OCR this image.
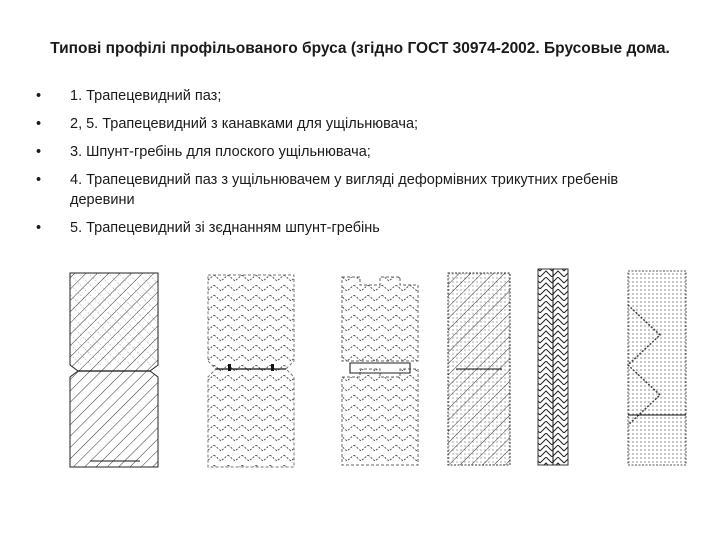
Типові профілі профільованого бруса (згідно ГОСТ 30974-2002. Брусовые дома.
• 1. Трапецевидний паз;
• 2, 5. Трапецевидний з канавками для ущільнювача;
• 3. Шпунт-гребінь для плоского ущільнювача;
• 4. Трапецевидний паз з ущільнювачем у вигляді деформівних трикутних гребенів деревини
• 5. Трапецевидний зі зєднанням шпунт-гребінь
